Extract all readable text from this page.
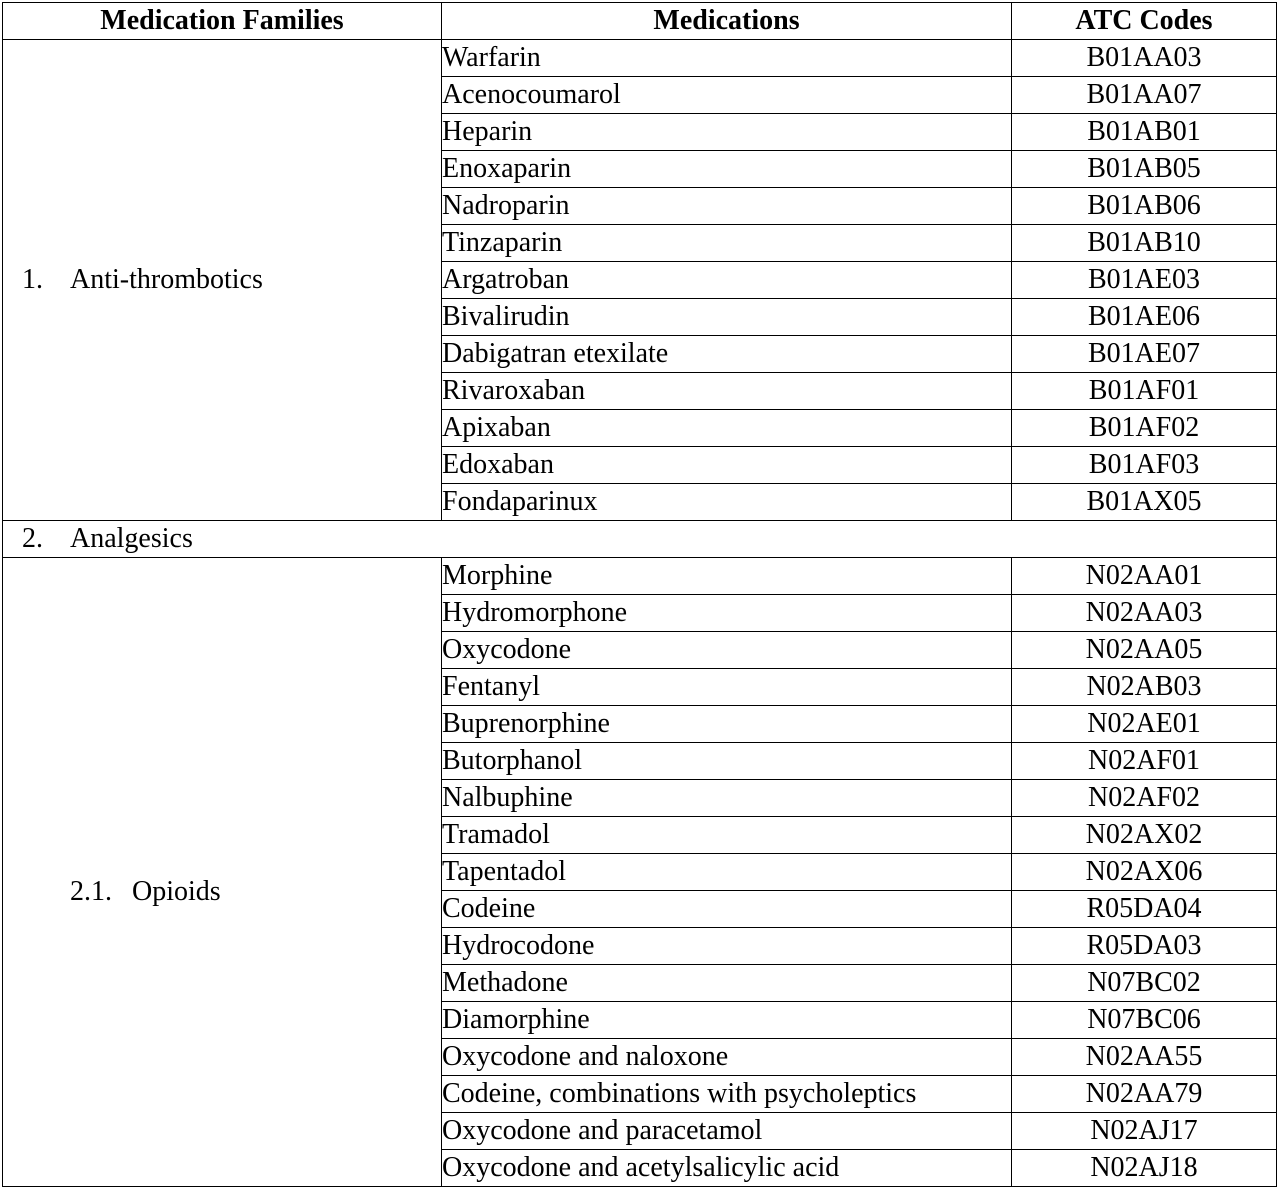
Medication Families	Medications	ATC Codes
1. Anti-thrombotics	Warfarin	B01AA03
	Acenocoumarol	B01AA07
	Heparin	B01AB01
	Enoxaparin	B01AB05
	Nadroparin	B01AB06
	Tinzaparin	B01AB10
	Argatroban	B01AE03
	Bivalirudin	B01AE06
	Dabigatran etexilate	B01AE07
	Rivaroxaban	B01AF01
	Apixaban	B01AF02
	Edoxaban	B01AF03
	Fondaparinux	B01AX05
2. Analgesics		
2.1. Opioids	Morphine	N02AA01
	Hydromorphone	N02AA03
	Oxycodone	N02AA05
	Fentanyl	N02AB03
	Buprenorphine	N02AE01
	Butorphanol	N02AF01
	Nalbuphine	N02AF02
	Tramadol	N02AX02
	Tapentadol	N02AX06
	Codeine	R05DA04
	Hydrocodone	R05DA03
	Methadone	N07BC02
	Diamorphine	N07BC06
	Oxycodone and naloxone	N02AA55
	Codeine, combinations with psycholeptics	N02AA79
	Oxycodone and paracetamol	N02AJ17
	Oxycodone and acetylsalicylic acid	N02AJ18
